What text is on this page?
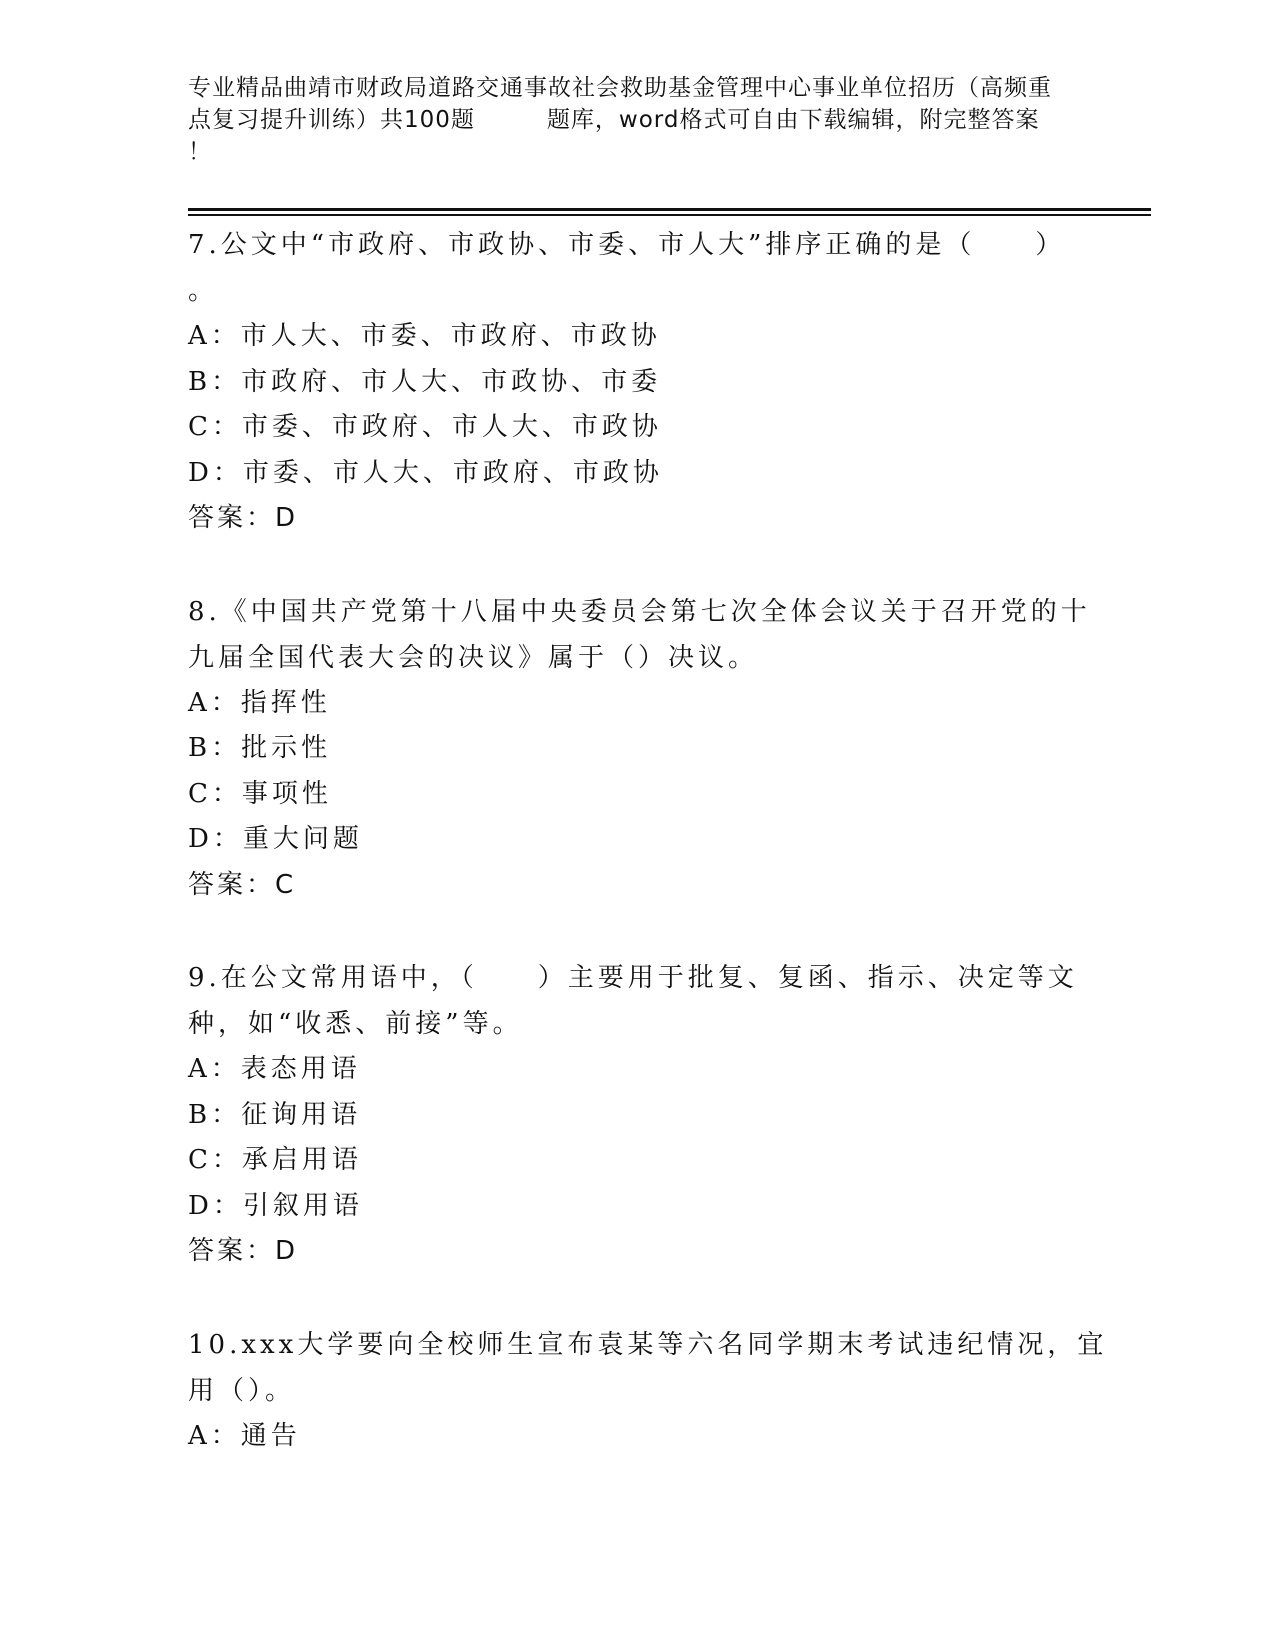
专业精品曲靖市财政局道路交通事故社会救助基金管理中心事业单位招历（高频重
点复习提升训练）共100题	题库，word格式可自由下载编辑，附完整答案
！
7.公文中“市政府、市政协、市委、市人大”排序正确的是（　　）
。
A：市人大、市委、市政府、市政协
B：市政府、市人大、市政协、市委
C：市委、市政府、市人大、市政协
D：市委、市人大、市政府、市政协
答案：D
8.《中国共产党第十八届中央委员会第七次全体会议关于召开党的十
九届全国代表大会的决议》属于（）决议。
A：指挥性
B：批示性
C：事项性
D：重大问题
答案：C
9.在公文常用语中，（　　）主要用于批复、复函、指示、决定等文
种，如“收悉、前接”等。
A：表态用语
B：征询用语
C：承启用语
D：引叙用语
答案：D
10.xxx大学要向全校师生宣布袁某等六名同学期末考试违纪情况，宜
用（）。
A：通告
